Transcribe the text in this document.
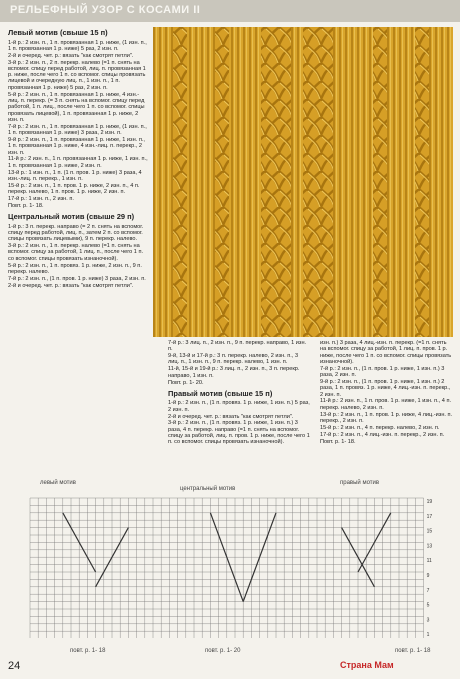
РЕЛЬЕФНЫЙ УЗОР С КОСАМИ II
Левый мотив (свыше 15 п)

1-й р.: 2 изн. п., 1 п. провязанная 1 р. ниже, (1 изн. п., 1 п. провязанная 1 р. ниже) 5 раз, 2 изн. п.

2-й и очеред. чет. р.: вязать "как смотрят петли".

3-й р.: 2 изн. п., 2 п. перекр. налево (=1 п. снять на вспомог. спицу перед работой, лиц. п. провязанная 1 р. ниже, после чего 1 п. со вспомог. спицы провязать лицевой и очередную лиц. п., 1 изн. п., 1 п. провязанная 1 р. ниже) 5 раз, 2 изн. п.

5-й р.: 2 изн. п., 1 п. провязанная 1 р. ниже, 4 изн.-лиц. п. перекр. (= 3 п. снять на вспомог. спицу перед работой, 1 п. лиц., после чего 1 п. со вспомог. спицы провязать лицевой), 1 п. провязанная 1 р. ниже, 2 изн. п.

7-й р.: 2 изн. п., 1 п. провязанная 1 р. ниже, (1 изн. п., 1 п. провязанная 1 р. ниже) 3 раза, 2 изн. п.

9-й р.: 2 изн. п., 1 п. провязанная 1 р. ниже, 1 изн. п., 1 п. провязанная 1 р. ниже, 4 изн.-лиц. п. перекр., 2 изн. п.

11-й р.: 2 изн. п., 1 п. провязанная 1 р. ниже, 1 изн. п., 1 п. провязанная 1 р. ниже, 2 изн. п.

13-й р.: 1 изн. п., 1 п. (1 п. пров. 1 р. ниже) 3 раза, 4 изн.-лиц. п. перекр., 1 изн. п.

15-й р.: 2 изн. п., 1 п. пров. 1 р. ниже, 2 изн. п., 4 п. перекр. налево, 1 п. пров. 1 р. ниже, 2 изн. п.

17-й р.: 1 изн. п., 2 изн. п.

Повт. р. 1- 18.

Центральный мотив (свыше 29 п)

1-й р.: 3 п. перекр. направо (= 2 п. снять на вспомог. спицу перед работой, лиц. п., затем 2 п. со вспомог. спицы провязать лицевыми), 9 п. перекр. налево.

3-й р.: 2 изн. п., 1 п. перекр. налево (=1 п. снять на вспомог. спицу за работой, 1 лиц. п., после чего 1 п. со вспомог. спицы провязать изнаночной).

5-й р.: 2 изн. п., 1 п. провяз. 1 р. ниже, 2 изн. п., 9 п. перекр. налево.

7-й р.: 2 изн. п., (1 п. пров. 1 р. ниже) 3 раза, 2 изн. п.

2-й и очеред. чет. р.: вязать "как смотрят петли".

7-й р.: 3 лиц. п., 2 изн. п., 9 п. перекр. направо, 1 изн. п.

9-й, 13-й и 17-й р.: 3 п. перекр. налево, 2 изн. п., 3 лиц. п., 1 изн. п., 9 п. перекр. налево, 1 изн. п.

11-й, 15-й и 19-й р.: 3 лиц. п., 2 изн. п., 3 п. перекр. направо, 1 изн. п.

Повт. р. 1- 20.

Правый мотив (свыше 15 п)

1-й р.: 2 изн. п., (1 п. провяз. 1 р. ниже, 1 изн. п.) 5 раз, 2 изн. п.

2-й и очеред. чет. р.: вязать "как смотрят петли".

3-й р.: 2 изн. п., (1 п. провяз. 1 р. ниже, 1 изн. п.) 3 раза, 4 п. перекр. направо (=1 п. снять на вспомог. спицу за работой, лиц. п. пров. 1 р. ниже, после чего 1 п. со вспомог. спицы провязать изнаночной).

изн. п.) 3 раза, 4 лиц.-изн. п. перекр. (=1 п. снять на вспомог. спицу за работой, 1 лиц. п. пров. 1 р. ниже, после чего 1 п. со вспомог. спицы провязать изнаночной).

7-й р.: 2 изн. п., (1 п. пров. 1 р. ниже, 1 изн. п.) 3 раза, 2 изн. п.

9-й р.: 2 изн. п., (1 п. пров. 1 р. ниже, 1 изн. п.) 2 раза, 1 п. провяз. 1 р. ниже, 4 лиц.-изн. п. перекр., 2 изн. п.

11-й р.: 2 изн. п., 1 п. пров. 1 р. ниже, 1 изн. п., 4 п. перекр. налево, 2 изн. п.

13-й р.: 2 изн. п., 1 п. пров. 1 р. ниже, 4 лиц.-изн. п. перекр., 2 изн. п.

15-й р.: 2 изн. п., 4 п. перекр. налево, 2 изн. п.

17-й р.: 2 изн. п., 4 лиц.-изн. п. перекр., 2 изн. п.

Повт. р. 1- 18.

левый мотив
центральный мотив
правый мотив
19
17
15
13
11
9
7
5
3
1
повт. р. 1- 18	повт. р. 1- 20	повт. р. 1- 18
24	Страна Мам
